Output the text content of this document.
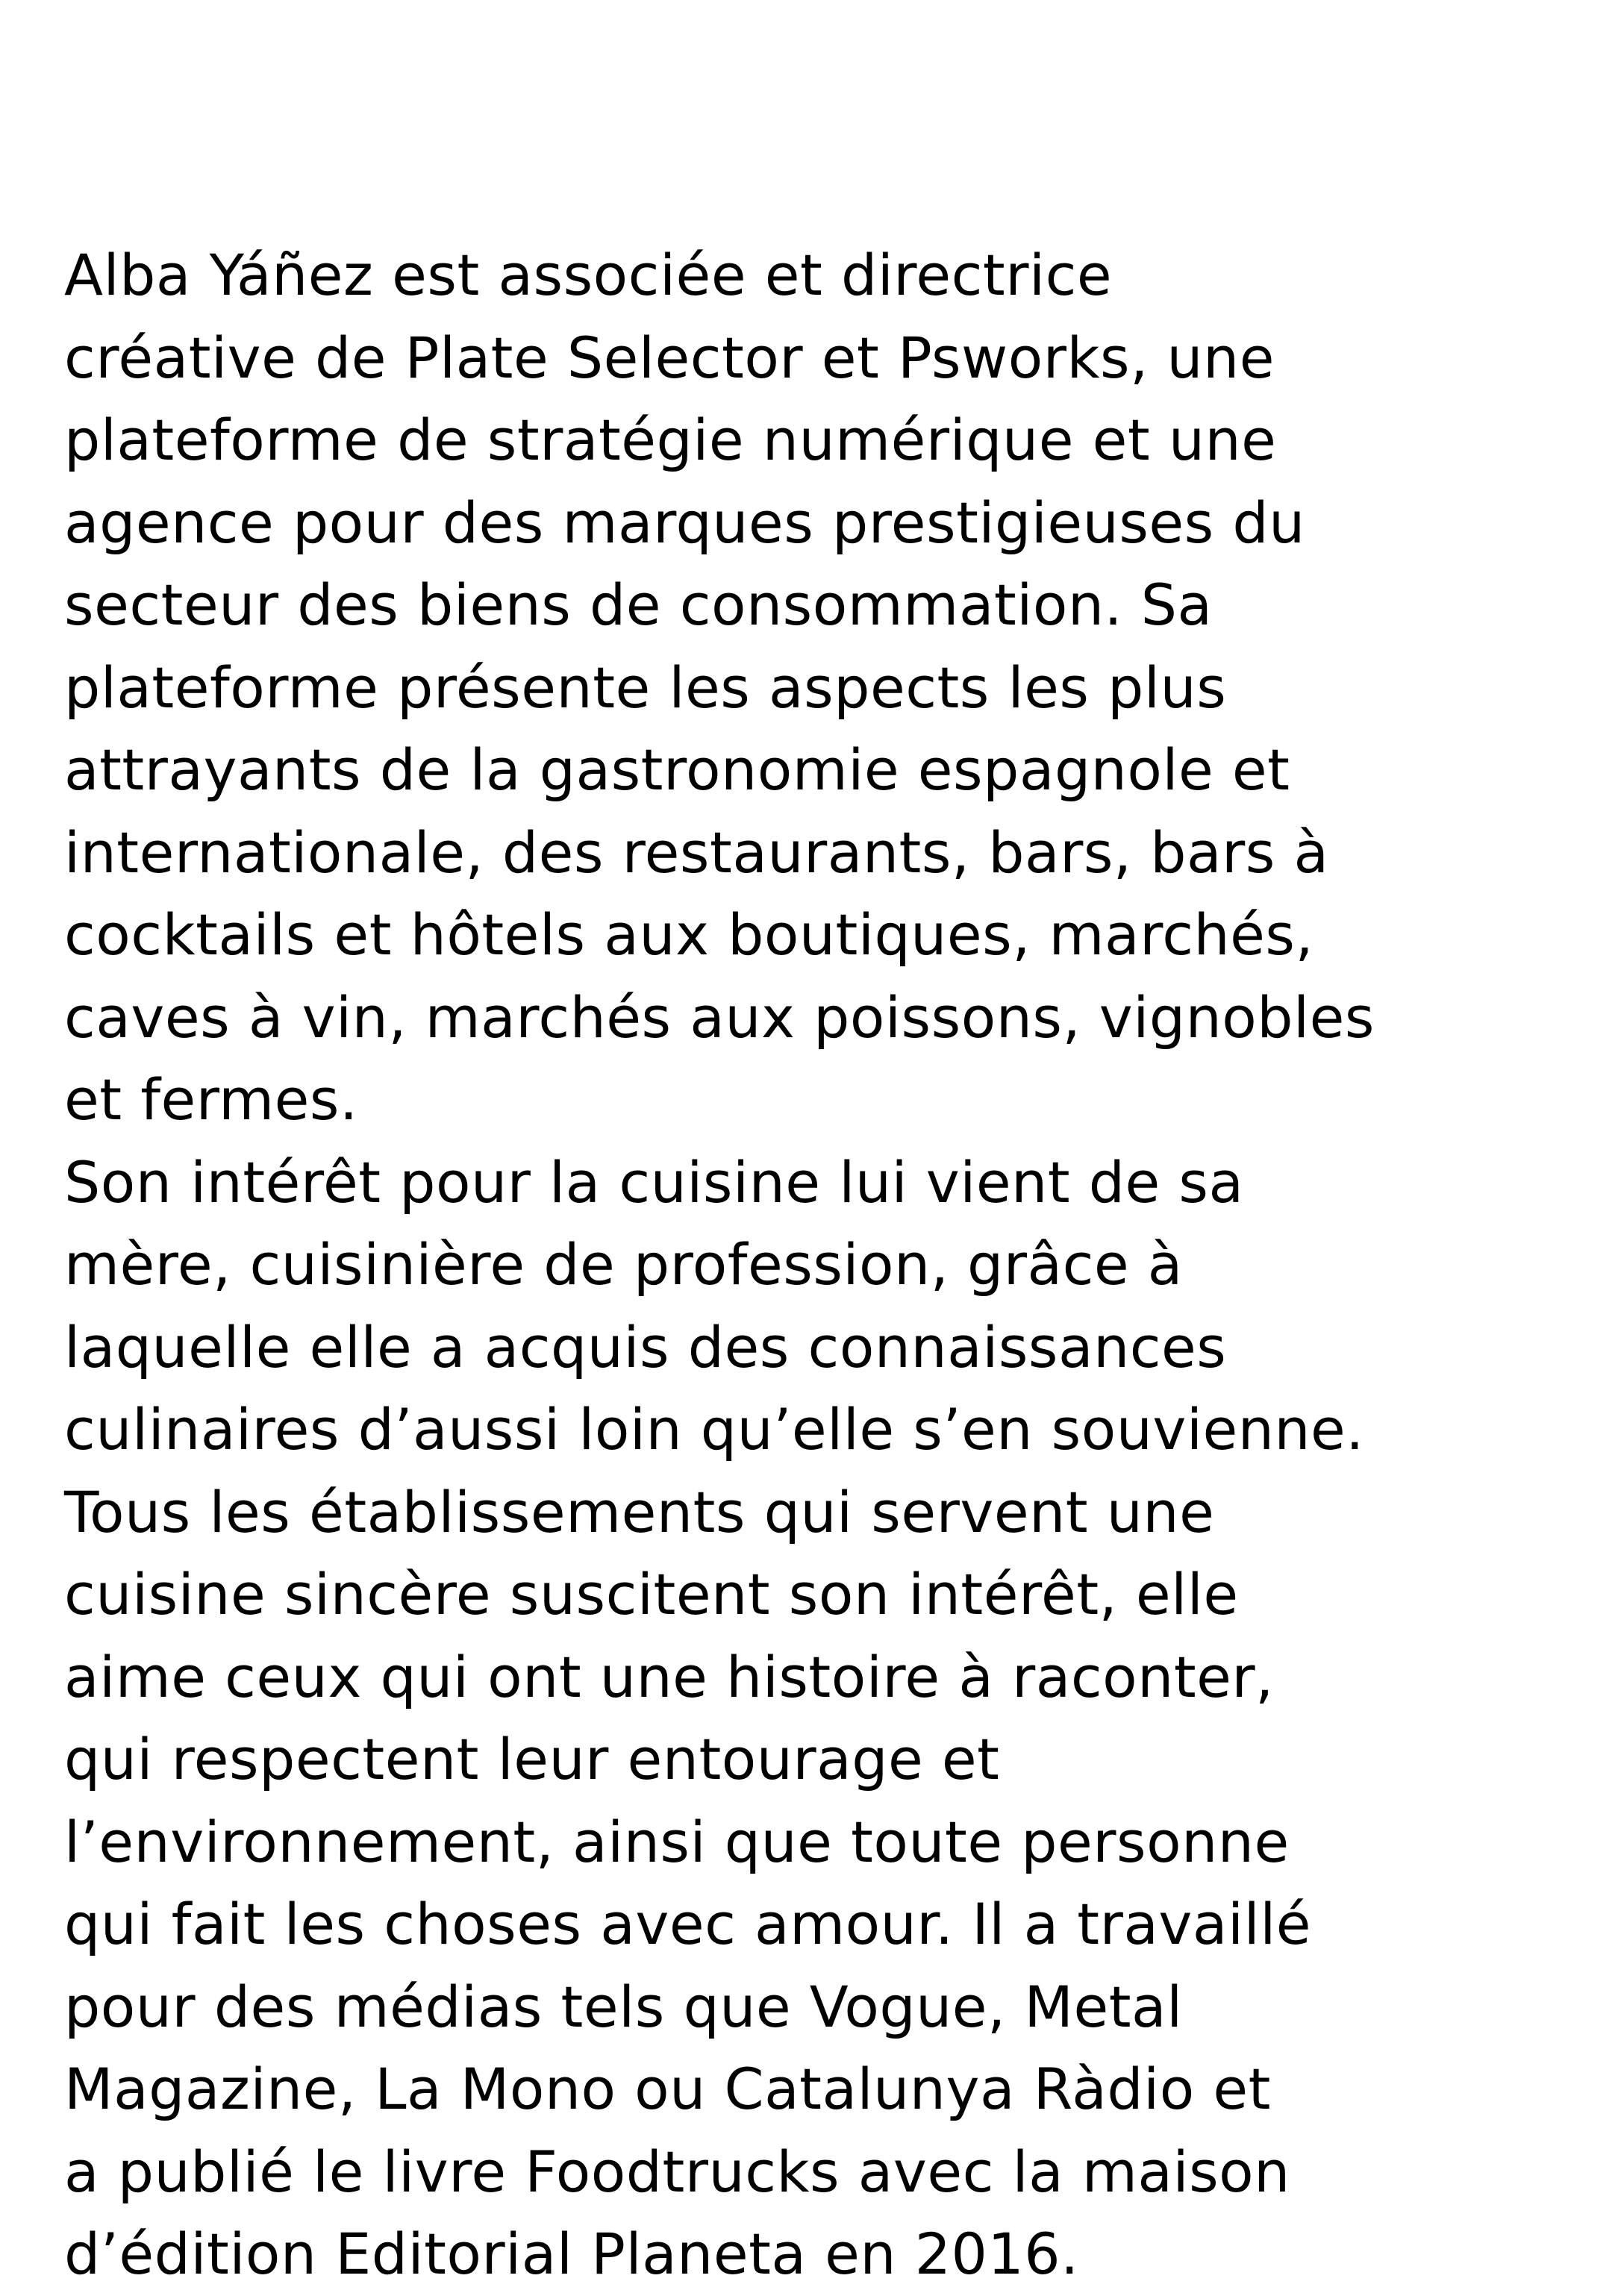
Alba Yáñez est associée et directrice
créative de Plate Selector et Psworks, une
plateforme de stratégie numérique et une
agence pour des marques prestigieuses du
secteur des biens de consommation. Sa
plateforme présente les aspects les plus
attrayants de la gastronomie espagnole et
internationale, des restaurants, bars, bars à
cocktails et hôtels aux boutiques, marchés,
caves à vin, marchés aux poissons, vignobles
et fermes.
Son intérêt pour la cuisine lui vient de sa
mère, cuisinière de profession, grâce à
laquelle elle a acquis des connaissances
culinaires d’aussi loin qu’elle s’en souvienne.
Tous les établissements qui servent une
cuisine sincère suscitent son intérêt, elle
aime ceux qui ont une histoire à raconter,
qui respectent leur entourage et
l’environnement, ainsi que toute personne
qui fait les choses avec amour. Il a travaillé
pour des médias tels que Vogue, Metal
Magazine, La Mono ou Catalunya Ràdio et
a publié le livre Foodtrucks avec la maison
d’édition Editorial Planeta en 2016.
